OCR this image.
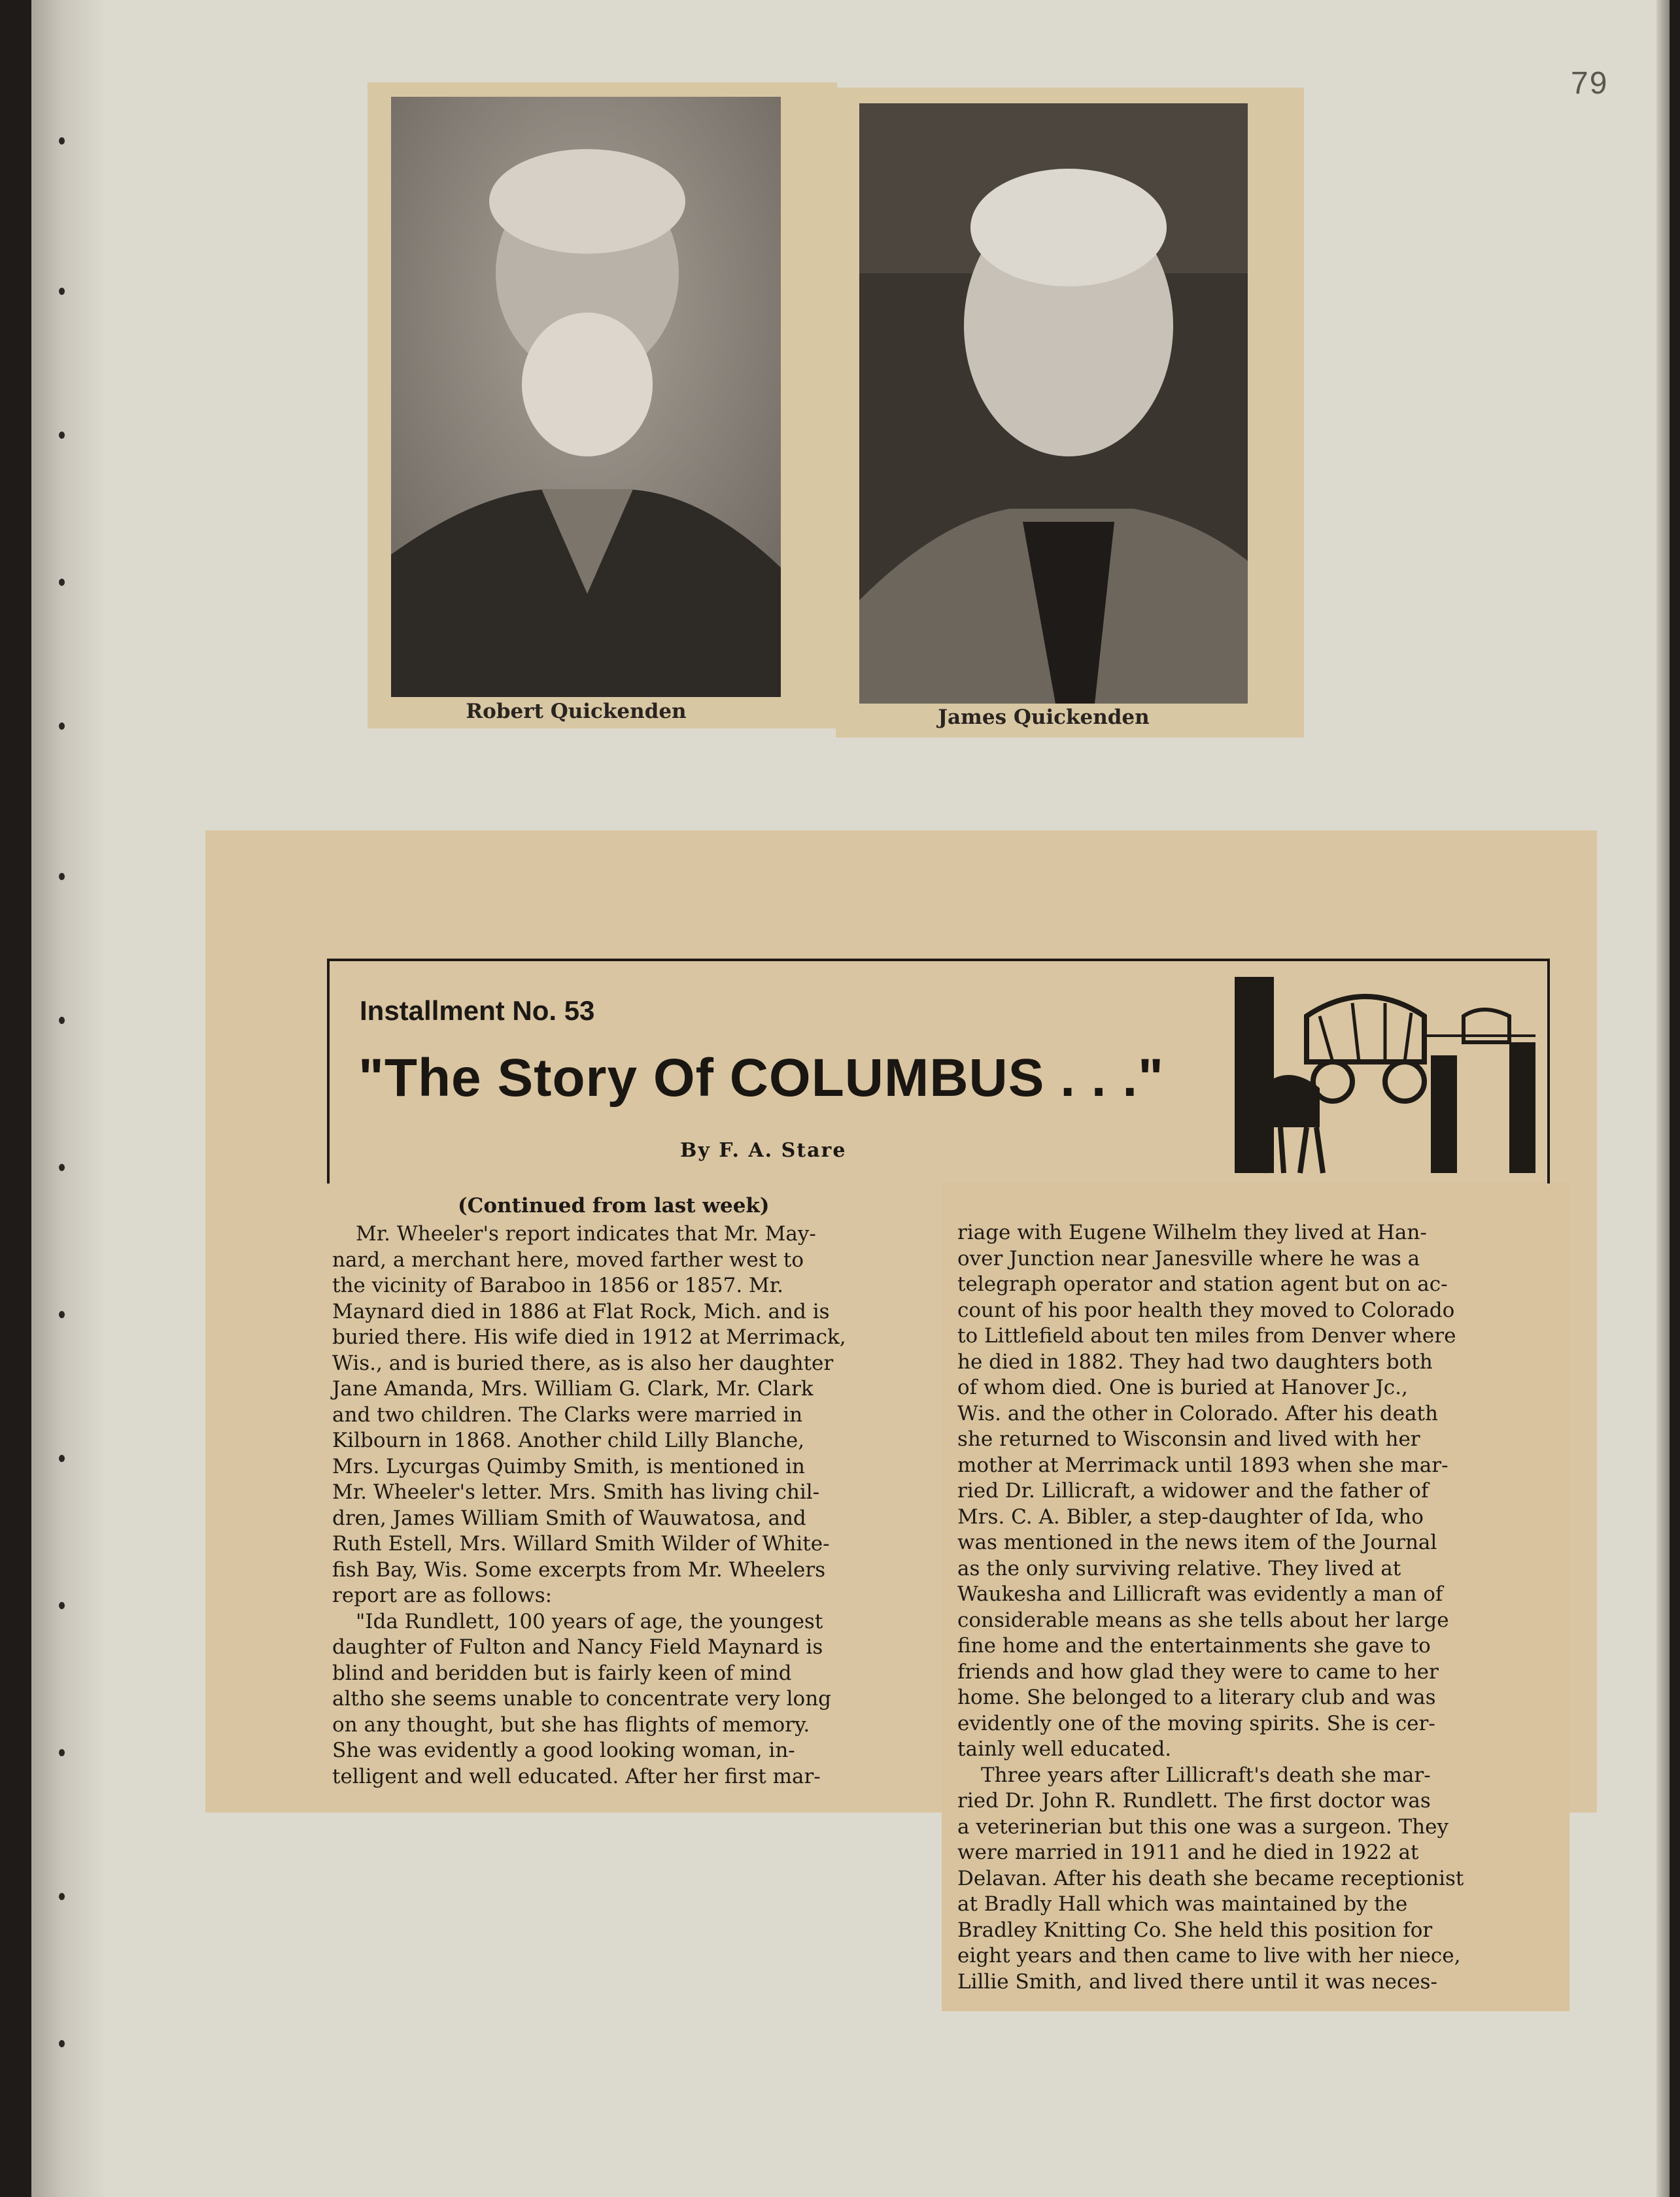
79
Robert Quickenden	James Quickenden
Installment No. 53
"The Story Of COLUMBUS . . ."
By F. A. Stare
(Continued from last week)
Mr. Wheeler's report indicates that Mr. May-
nard, a merchant here, moved farther west to
the vicinity of Baraboo in 1856 or 1857. Mr.
Maynard died in 1886 at Flat Rock, Mich. and is
buried there. His wife died in 1912 at Merrimack,
Wis., and is buried there, as is also her daughter
Jane Amanda, Mrs. William G. Clark, Mr. Clark
and two children. The Clarks were married in
Kilbourn in 1868. Another child Lilly Blanche,
Mrs. Lycurgas Quimby Smith, is mentioned in
Mr. Wheeler's letter. Mrs. Smith has living chil-
dren, James William Smith of Wauwatosa, and
Ruth Estell, Mrs. Willard Smith Wilder of White-
fish Bay, Wis. Some excerpts from Mr. Wheelers
report are as follows:
"Ida Rundlett, 100 years of age, the youngest
daughter of Fulton and Nancy Field Maynard is
blind and beridden but is fairly keen of mind
altho she seems unable to concentrate very long
on any thought, but she has flights of memory.
She was evidently a good looking woman, in-
telligent and well educated. After her first mar-
riage with Eugene Wilhelm they lived at Han-
over Junction near Janesville where he was a
telegraph operator and station agent but on ac-
count of his poor health they moved to Colorado
to Littlefield about ten miles from Denver where
he died in 1882. They had two daughters both
of whom died. One is buried at Hanover Jc.,
Wis. and the other in Colorado. After his death
she returned to Wisconsin and lived with her
mother at Merrimack until 1893 when she mar-
ried Dr. Lillicraft, a widower and the father of
Mrs. C. A. Bibler, a step-daughter of Ida, who
was mentioned in the news item of the Journal
as the only surviving relative. They lived at
Waukesha and Lillicraft was evidently a man of
considerable means as she tells about her large
fine home and the entertainments she gave to
friends and how glad they were to came to her
home. She belonged to a literary club and was
evidently one of the moving spirits. She is cer-
tainly well educated.
Three years after Lillicraft's death she mar-
ried Dr. John R. Rundlett. The first doctor was
a veterinerian but this one was a surgeon. They
were married in 1911 and he died in 1922 at
Delavan. After his death she became receptionist
at Bradly Hall which was maintained by the
Bradley Knitting Co. She held this position for
eight years and then came to live with her niece,
Lillie Smith, and lived there until it was neces-
